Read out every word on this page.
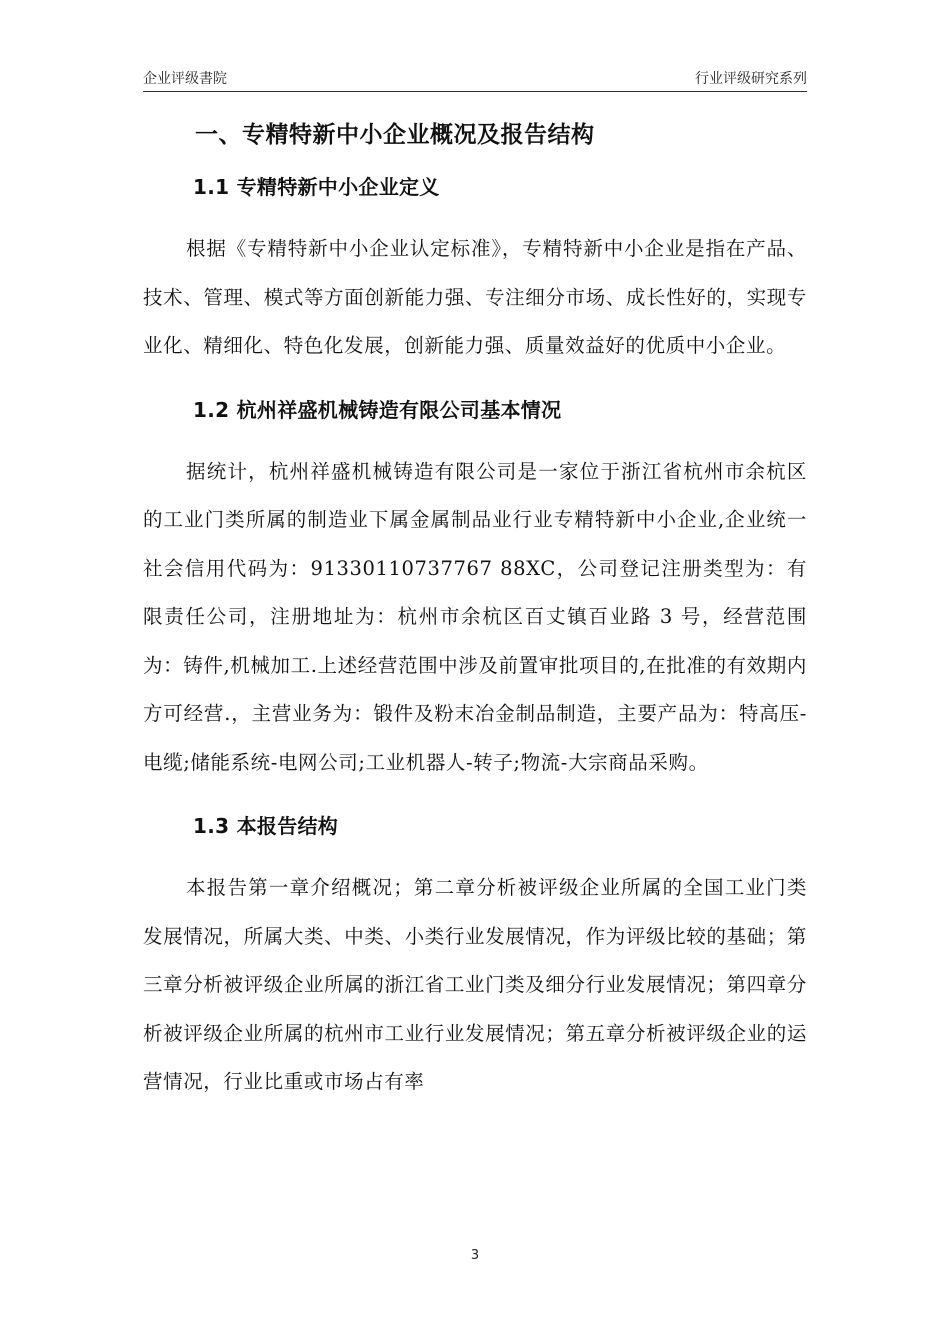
企业评级書院	行业评级研究系列
一、专精特新中小企业概况及报告结构
1.1 专精特新中小企业定义

根据《专精特新中小企业认定标准》，专精特新中小企业是指在产品、技术、管理、模式等方面创新能力强、专注细分市场、成长性好的，实现专业化、精细化、特色化发展，创新能力强、质量效益好的优质中小企业。

1.2 杭州祥盛机械铸造有限公司基本情况

据统计，杭州祥盛机械铸造有限公司是一家位于浙江省杭州市余杭区的工业门类所属的制造业下属金属制品业行业专精特新中小企业,企业统一社会信用代码为：91330110737767 88XC，公司登记注册类型为：有限责任公司，注册地址为：杭州市余杭区百丈镇百业路 3 号，经营范围为：铸件,机械加工.上述经营范围中涉及前置审批项目的,在批准的有效期内方可经营.，主营业务为：锻件及粉末冶金制品制造，主要产品为：特高压-电缆;储能系统-电网公司;工业机器人-转子;物流-大宗商品采购。

1.3 本报告结构

本报告第一章介绍概况；第二章分析被评级企业所属的全国工业门类发展情况，所属大类、中类、小类行业发展情况，作为评级比较的基础；第三章分析被评级企业所属的浙江省工业门类及细分行业发展情况；第四章分析被评级企业所属的杭州市工业行业发展情况；第五章分析被评级企业的运营情况，行业比重或市场占有率

3
